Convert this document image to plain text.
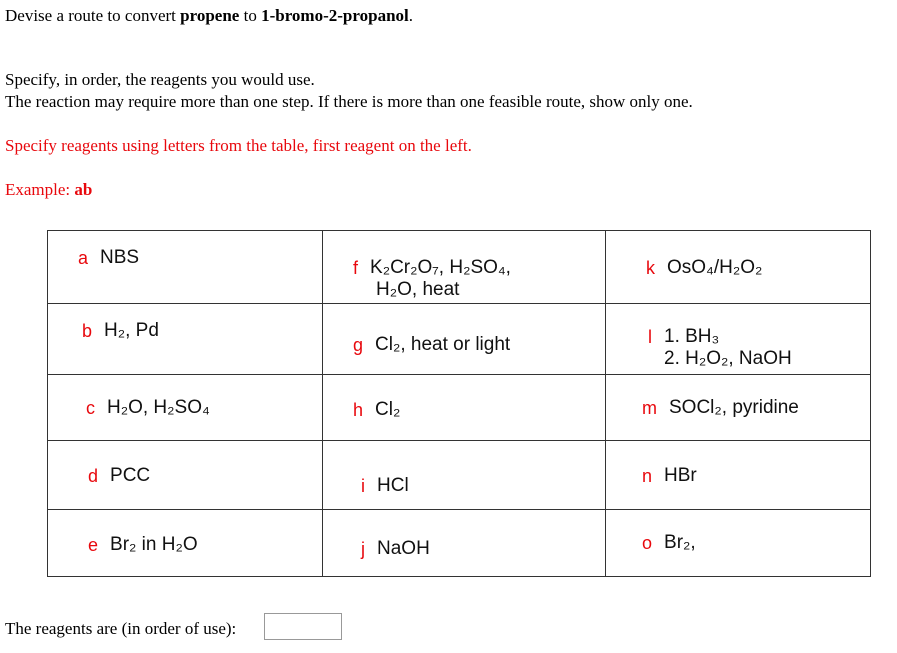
Devise a route to convert propene to 1-bromo-2-propanol.
Specify, in order, the reagents you would use.
The reaction may require more than one step. If there is more than one feasible route, show only one.
Specify reagents using letters from the table, first reagent on the left.
Example: ab
a NBS	f K₂Cr₂O₇, H₂SO₄,
H₂O, heat	k OsO₄/H₂O₂

b H₂, Pd	g Cl₂, heat or light	l 1. BH₃
2. H₂O₂, NaOH

c H₂O, H₂SO₄	h Cl₂	m SOCl₂, pyridine

d PCC	i HCl	n HBr

e Br₂ in H₂O	j NaOH	o Br₂,
The reagents are (in order of use):
